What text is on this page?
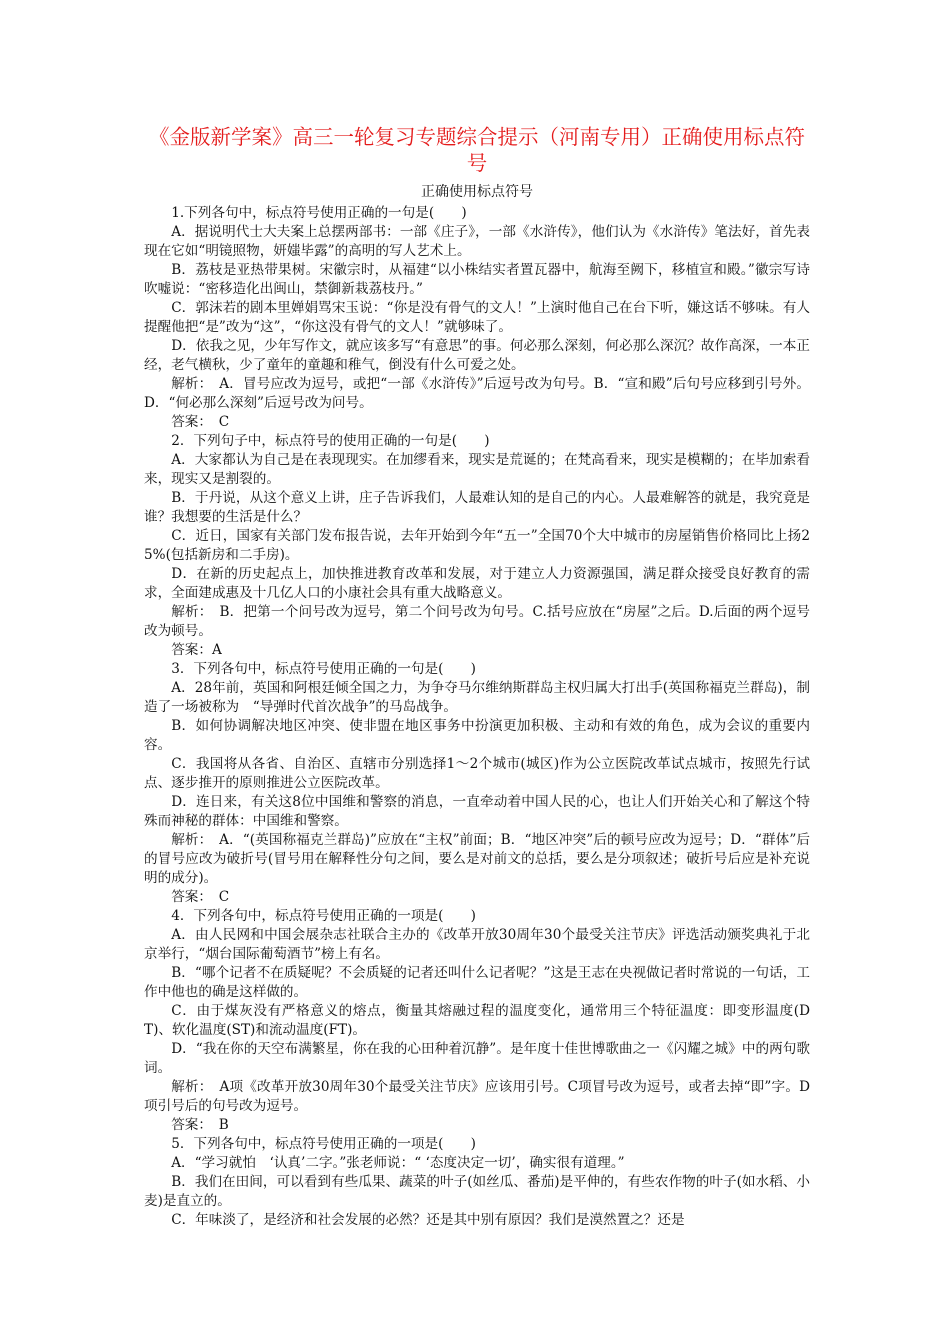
《金版新学案》高三一轮复习专题综合提示（河南专用）正确使用标点符号
正确使用标点符号
1.下列各句中，标点符号使用正确的一句是(　　)
A．据说明代士大夫案上总摆两部书：一部《庄子》，一部《水浒传》，他们认为《水浒传》笔法好，首先表现在它如“明镜照物，妍媸毕露”的高明的写人艺术上。
B．荔枝是亚热带果树。宋徽宗时，从福建“以小株结实者置瓦器中，航海至阙下，移植宣和殿。”徽宗写诗吹嘘说：“密移造化出闽山，禁御新栽荔枝丹。”
C．郭沫若的剧本里婵娟骂宋玉说：“你是没有骨气的文人！”上演时他自己在台下听，嫌这话不够味。有人提醒他把“是”改为“这”，“你这没有骨气的文人！”就够味了。
D．依我之见，少年写作文，就应该多写“有意思”的事。何必那么深刻，何必那么深沉？故作高深，一本正经，老气横秋，少了童年的童趣和稚气，倒没有什么可爱之处。
解析：　A．冒号应改为逗号，或把“一部《水浒传》”后逗号改为句号。B．“宣和殿”后句号应移到引号外。D．“何必那么深刻”后逗号改为问号。
答案：　C
2．下列句子中，标点符号的使用正确的一句是(　　)
A．大家都认为自己是在表现现实。在加缪看来，现实是荒诞的；在梵高看来，现实是模糊的；在毕加索看来，现实又是割裂的。
B．于丹说，从这个意义上讲，庄子告诉我们，人最难认知的是自己的内心。人最难解答的就是，我究竟是谁？我想要的生活是什么？
C．近日，国家有关部门发布报告说，去年开始到今年“五一”全国70个大中城市的房屋销售价格同比上扬25%(包括新房和二手房)。
D．在新的历史起点上，加快推进教育改革和发展，对于建立人力资源强国，满足群众接受良好教育的需求，全面建成惠及十几亿人口的小康社会具有重大战略意义。
解析：　B．把第一个问号改为逗号，第二个问号改为句号。C.括号应放在“房屋”之后。D.后面的两个逗号改为顿号。
答案：A
3．下列各句中，标点符号使用正确的一句是(　　)
A．28年前，英国和阿根廷倾全国之力，为争夺马尔维纳斯群岛主权归属大打出手(英国称福克兰群岛)，制造了一场被称为　“导弹时代首次战争”的马岛战争。
B．如何协调解决地区冲突、使非盟在地区事务中扮演更加积极、主动和有效的角色，成为会议的重要内容。
C．我国将从各省、自治区、直辖市分别选择1～2个城市(城区)作为公立医院改革试点城市，按照先行试点、逐步推开的原则推进公立医院改革。
D．连日来，有关这8位中国维和警察的消息，一直牵动着中国人民的心，也让人们开始关心和了解这个特殊而神秘的群体：中国维和警察。
解析：　A．“(英国称福克兰群岛)”应放在“主权”前面；B．“地区冲突”后的顿号应改为逗号；D．“群体”后的冒号应改为破折号(冒号用在解释性分句之间，要么是对前文的总括，要么是分项叙述；破折号后应是补充说明的成分)。
答案：　C
4．下列各句中，标点符号使用正确的一项是(　　)
A．由人民网和中国会展杂志社联合主办的《改革开放30周年30个最受关注节庆》评选活动颁奖典礼于北京举行，“烟台国际葡萄酒节”榜上有名。
B．“哪个记者不在质疑呢？不会质疑的记者还叫什么记者呢？”这是王志在央视做记者时常说的一句话，工作中他也的确是这样做的。
C．由于煤灰没有严格意义的熔点，衡量其熔融过程的温度变化，通常用三个特征温度：即变形温度(DT)、软化温度(ST)和流动温度(FT)。
D．“我在你的天空布满繁星，你在我的心田种着沉静”。是年度十佳世博歌曲之一《闪耀之城》中的两句歌词。
解析：　A项《改革开放30周年30个最受关注节庆》应该用引号。C项冒号改为逗号，或者去掉“即”字。D项引号后的句号改为逗号。
答案：　B
5．下列各句中，标点符号使用正确的一项是(　　)
A．“学习就怕　‘认真’二字。”张老师说：“ ‘态度决定一切’，确实很有道理。”
B．我们在田间，可以看到有些瓜果、蔬菜的叶子(如丝瓜、番茄)是平伸的，有些农作物的叶子(如水稻、小麦)是直立的。
C．年味淡了，是经济和社会发展的必然？还是其中别有原因？我们是漠然置之？还是
